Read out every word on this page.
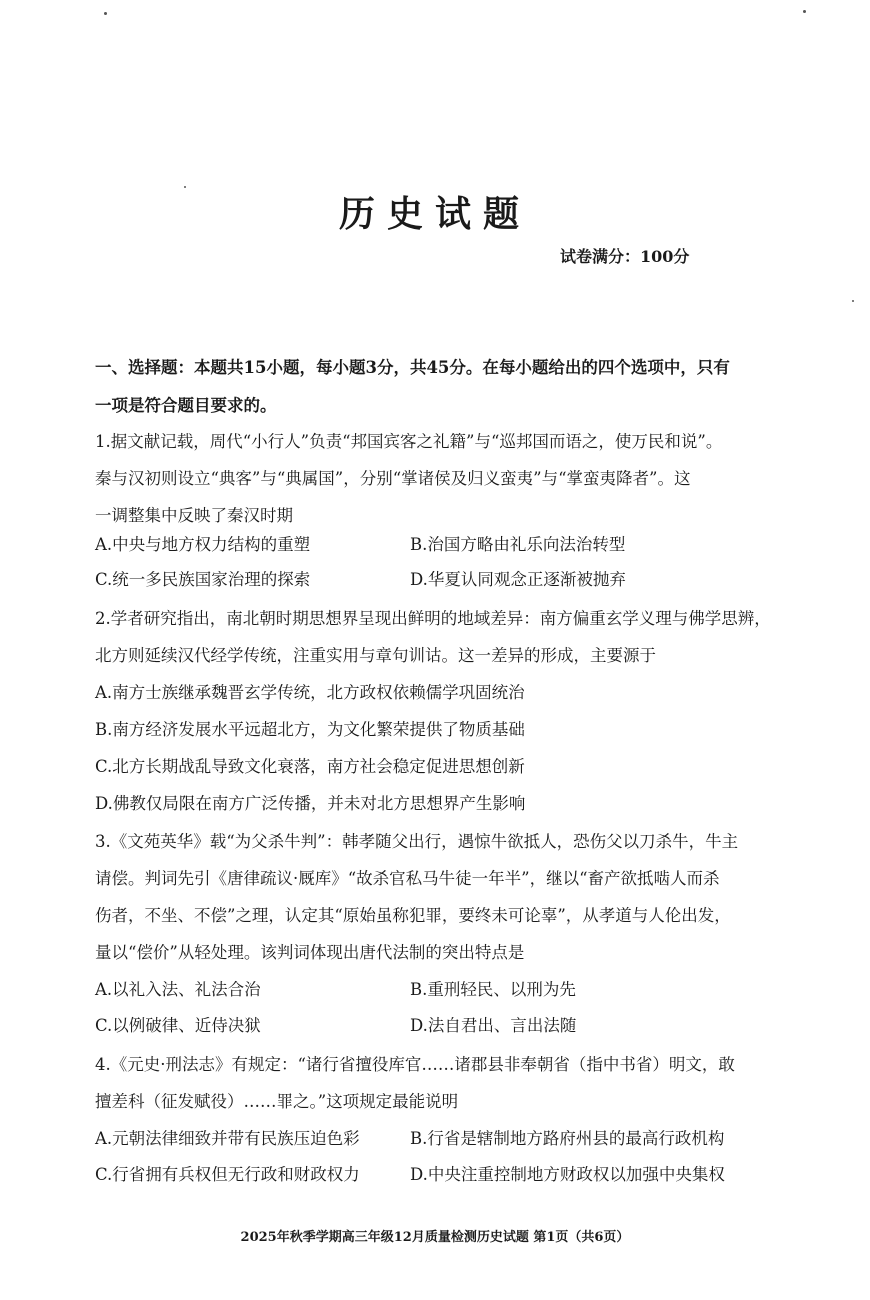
历史试题
试卷满分：100分
一、选择题：本题共15小题，每小题3分，共45分。在每小题给出的四个选项中，只有
一项是符合题目要求的。
1.据文献记载，周代“小行人”负责“邦国宾客之礼籍”与“巡邦国而语之，使万民和说”。
秦与汉初则设立“典客”与“典属国”，分别“掌诸侯及归义蛮夷”与“掌蛮夷降者”。这
一调整集中反映了秦汉时期
A.中央与地方权力结构的重塑	B.治国方略由礼乐向法治转型
C.统一多民族国家治理的探索	D.华夏认同观念正逐渐被抛弃
2.学者研究指出，南北朝时期思想界呈现出鲜明的地域差异：南方偏重玄学义理与佛学思辨，
北方则延续汉代经学传统，注重实用与章句训诂。这一差异的形成，主要源于
A.南方士族继承魏晋玄学传统，北方政权依赖儒学巩固统治
B.南方经济发展水平远超北方，为文化繁荣提供了物质基础
C.北方长期战乱导致文化衰落，南方社会稳定促进思想创新
D.佛教仅局限在南方广泛传播，并未对北方思想界产生影响
3.《文苑英华》载“为父杀牛判”：韩孝随父出行，遇惊牛欲抵人，恐伤父以刀杀牛，牛主
请偿。判词先引《唐律疏议·厩库》“故杀官私马牛徒一年半”，继以“畜产欲抵啮人而杀
伤者，不坐、不偿”之理，认定其“原始虽称犯罪，要终未可论辜”，从孝道与人伦出发，
量以“偿价”从轻处理。该判词体现出唐代法制的突出特点是
A.以礼入法、礼法合治	B.重刑轻民、以刑为先
C.以例破律、近侍决狱	D.法自君出、言出法随
4.《元史·刑法志》有规定：“诸行省擅役库官……诸郡县非奉朝省（指中书省）明文，敢
擅差科（征发赋役）……罪之。”这项规定最能说明
A.元朝法律细致并带有民族压迫色彩	B.行省是辖制地方路府州县的最高行政机构
C.行省拥有兵权但无行政和财政权力	D.中央注重控制地方财政权以加强中央集权
2025年秋季学期高三年级12月质量检测历史试题 第1页（共6页）
